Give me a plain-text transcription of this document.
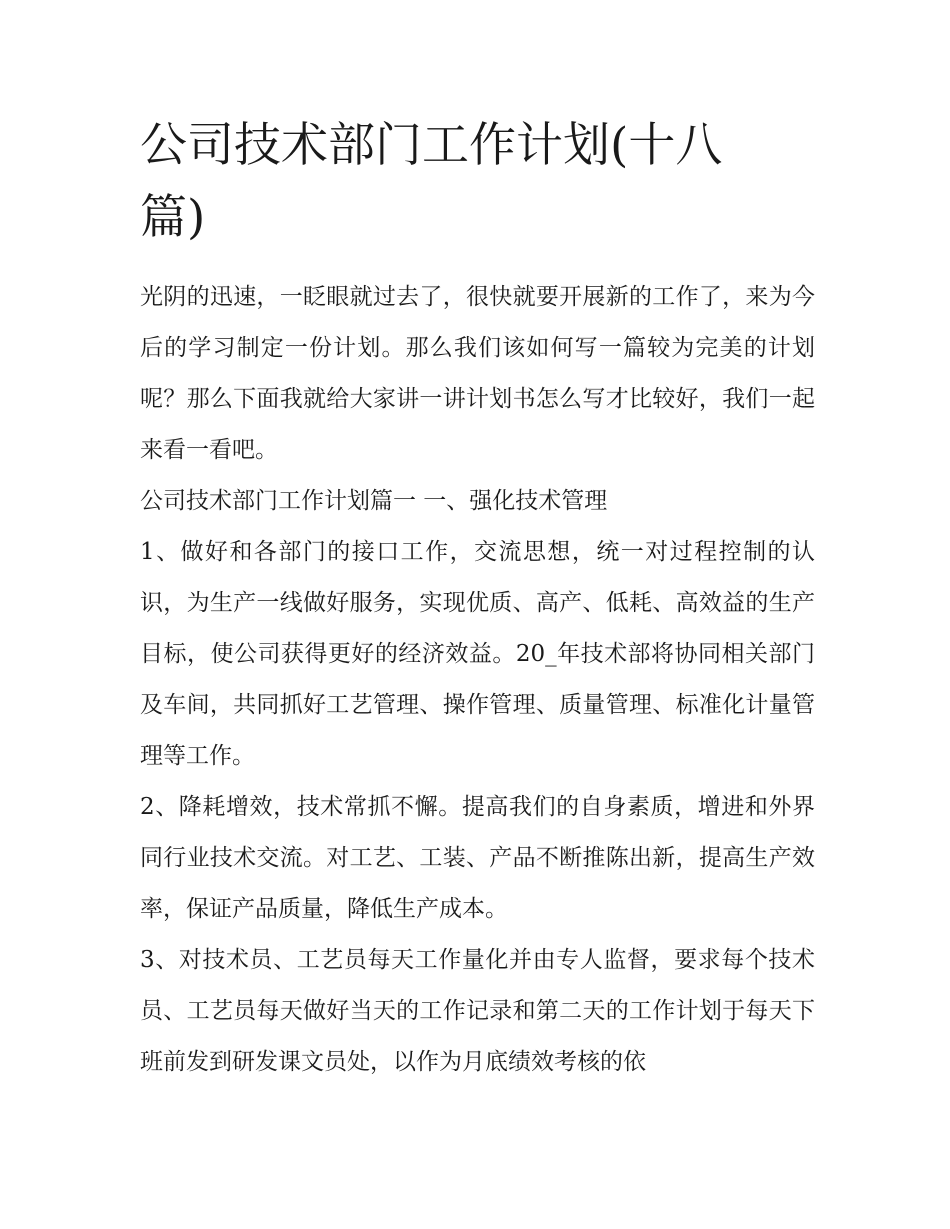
公司技术部门工作计划(十八篇)

光阴的迅速，一眨眼就过去了，很快就要开展新的工作了，来为今后的学习制定一份计划。那么我们该如何写一篇较为完美的计划呢？那么下面我就给大家讲一讲计划书怎么写才比较好，我们一起来看一看吧。

公司技术部门工作计划篇一 一、强化技术管理

1、做好和各部门的接口工作，交流思想，统一对过程控制的认识，为生产一线做好服务，实现优质、高产、低耗、高效益的生产目标，使公司获得更好的经济效益。20_年技术部将协同相关部门及车间，共同抓好工艺管理、操作管理、质量管理、标准化计量管理等工作。

2、降耗增效，技术常抓不懈。提高我们的自身素质，增进和外界同行业技术交流。对工艺、工装、产品不断推陈出新，提高生产效率，保证产品质量，降低生产成本。

3、对技术员、工艺员每天工作量化并由专人监督，要求每个技术员、工艺员每天做好当天的工作记录和第二天的工作计划于每天下班前发到研发课文员处，以作为月底绩效考核的依
